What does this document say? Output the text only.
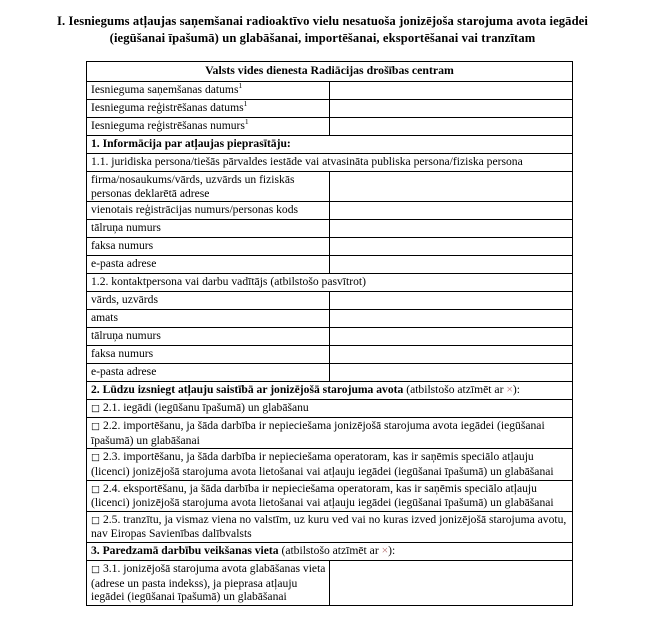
I. Iesniegums atļaujas saņemšanai radioaktīvo vielu nesatuoša jonizējoša starojuma avota iegādei (iegūšanai īpašumā) un glabāšanai, importēšanai, eksportēšanai vai tranzītam
Valsts vides dienesta Radiācijas drošības centram	
Iesnieguma saņemšanas datums$^1$	
Iesnieguma reģistrēšanas datums$^1$	
Iesnieguma reģistrēšanas numurs$^1$	
1. Informācija par atļaujas pieprasītāju:	
1.1. juridiska persona/tiešās pārvaldes iestāde vai atvasināta publiska persona/fiziska persona	
firma/nosaukums/vārds, uzvārds un fiziskās personas deklarētā adrese	
vienotais reģistrācijas numurs/personas kods	
tālruņa numurs	
faksa numurs	
e-pasta adrese	
1.2. kontaktpersona vai darbu vadītājs (atbilstošo pasvītrot)	
vārds, uzvārds	
amats	
tālruņa numurs	
faksa numurs	
e-pasta adrese	
2. Lūdzu izsniegt atļauju saistībā ar jonizējošā starojuma avota (atbilstošo atzīmēt ar ×):	
□ 2.1. iegādi (iegūšanu īpašumā) un glabāšanu	
□ 2.2. importēšanu, ja šāda darbība ir nepieciešama jonizējošā starojuma avota iegādei (iegūšanai īpašumā) un glabāšanai	
□ 2.3. importēšanu, ja šāda darbība ir nepieciešama operatoram, kas ir saņēmis speciālo atļauju (licenci) jonizējošā starojuma avota lietošanai vai atļauju iegādei (iegūšanai īpašumā) un glabāšanai	
□ 2.4. eksportēšanu, ja šāda darbība ir nepieciešama operatoram, kas ir saņēmis speciālo atļauju (licenci) jonizējošā starojuma avota lietošanai vai atļauju iegādei (iegūšanai īpašumā) un glabāšanai	
□ 2.5. tranzītu, ja vismaz viena no valstīm, uz kuru ved vai no kuras izved jonizējošā starojuma avotu, nav Eiropas Savienības dalībvalsts	
3. Paredzamā darbību veikšanas vieta (atbilstošo atzīmēt ar ×):	
□ 3.1. jonizējošā starojuma avota glabāšanas vieta (adrese un pasta indekss), ja pieprasa atļauju iegādei (iegūšanai īpašumā) un glabāšanai	
